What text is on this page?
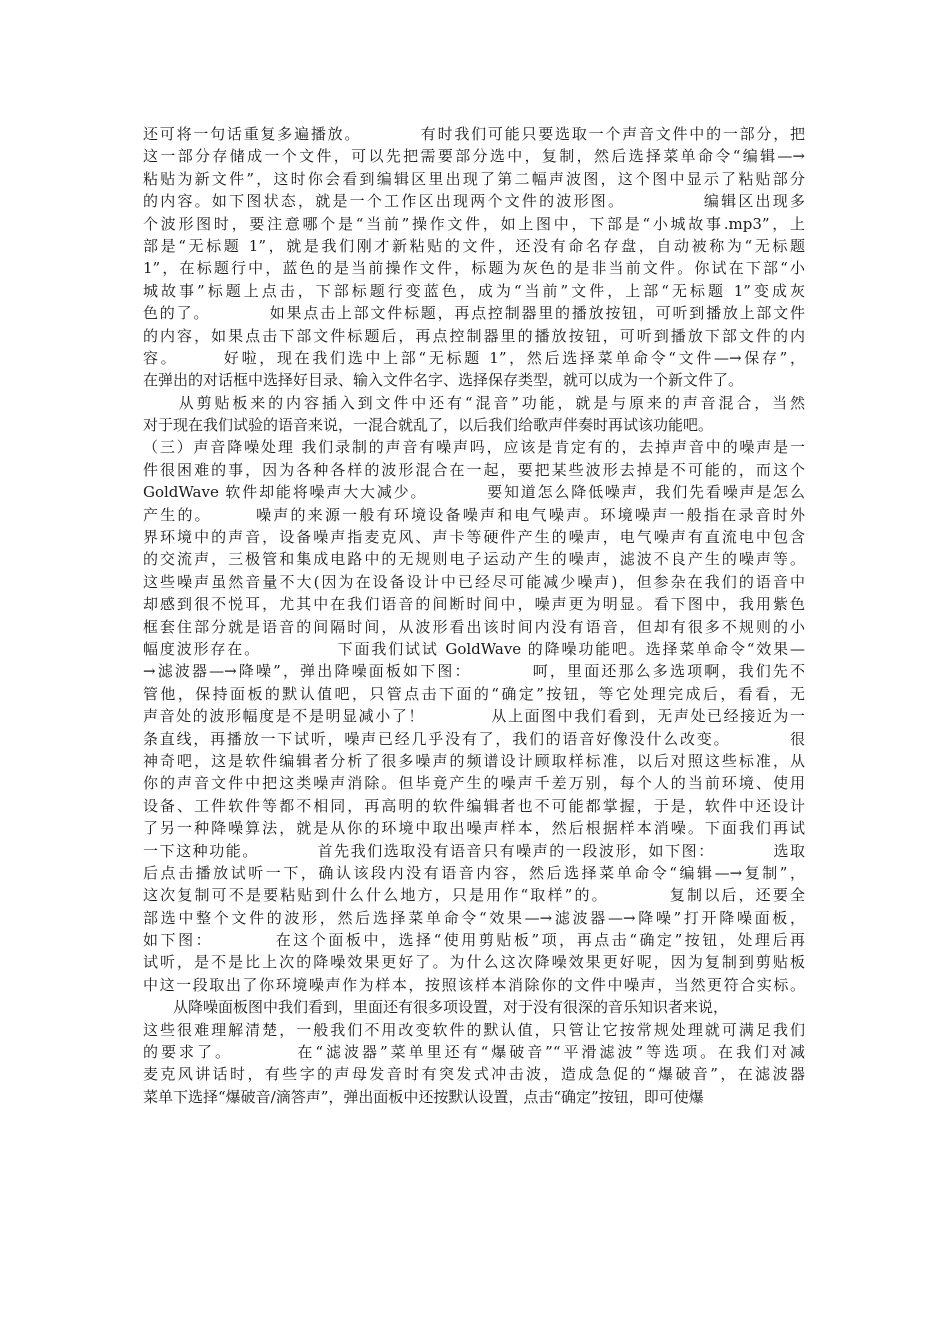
还可将一句话重复多遍播放。　　　　有时我们可能只要选取一个声音文件中的一部分，把
这一部分存储成一个文件，可以先把需要部分选中，复制，然后选择菜单命令“编辑—→
粘贴为新文件”，这时你会看到编辑区里出现了第二幅声波图，这个图中显示了粘贴部分
的内容。如下图状态，就是一个工作区出现两个文件的波形图。　　　　　编辑区出现多
个波形图时，要注意哪个是“当前”操作文件，如上图中，下部是“小城故事.mp3”，上
部是“无标题 1”，就是我们刚才新粘贴的文件，还没有命名存盘，自动被称为“无标题
1”，在标题行中，蓝色的是当前操作文件，标题为灰色的是非当前文件。你试在下部“小
城故事”标题上点击，下部标题行变蓝色，成为“当前”文件，上部“无标题 1”变成灰
色的了。　　　　如果点击上部文件标题，再点控制器里的播放按钮，可听到播放上部文件
的内容，如果点击下部文件标题后，再点控制器里的播放按钮，可听到播放下部文件的内
容。　　　好啦，现在我们选中上部“无标题 1”，然后选择菜单命令“文件—→保存”，
在弹出的对话框中选择好目录、输入文件名字、选择保存类型，就可以成为一个新文件了。
　　从剪贴板来的内容插入到文件中还有“混音”功能，就是与原来的声音混合，当然
对于现在我们试验的语音来说，一混合就乱了，以后我们给歌声伴奏时再试该功能吧。
（三）声音降噪处理 我们录制的声音有噪声吗，应该是肯定有的，去掉声音中的噪声是一
件很困难的事，因为各种各样的波形混合在一起，要把某些波形去掉是不可能的，而这个
GoldWave 软件却能将噪声大大减少。　　　　要知道怎么降低噪声，我们先看噪声是怎么
产生的。　　　噪声的来源一般有环境设备噪声和电气噪声。环境噪声一般指在录音时外
界环境中的声音，设备噪声指麦克风、声卡等硬件产生的噪声，电气噪声有直流电中包含
的交流声，三极管和集成电路中的无规则电子运动产生的噪声，滤波不良产生的噪声等。
这些噪声虽然音量不大(因为在设备设计中已经尽可能减少噪声)，但参杂在我们的语音中
却感到很不悦耳，尤其中在我们语音的间断时间中，噪声更为明显。看下图中，我用紫色
框套住部分就是语音的间隔时间，从波形看出该时间内没有语音，但却有很多不规则的小
幅度波形存在。　　　　　下面我们试试 GoldWave 的降噪功能吧。选择菜单命令“效果—
→滤波器—→降噪”，弹出降噪面板如下图：　　　　呵，里面还那么多选项啊，我们先不
管他，保持面板的默认值吧，只管点击下面的“确定”按钮，等它处理完成后，看看，无
声音处的波形幅度是不是明显减小了！　　　　从上面图中我们看到，无声处已经接近为一
条直线，再播放一下试听，噪声已经几乎没有了，我们的语音好像没什么改变。　　　　很
神奇吧，这是软件编辑者分析了很多噪声的频谱设计顾取样标准，以后对照这些标准，从
你的声音文件中把这类噪声消除。但毕竟产生的噪声千差万别，每个人的当前环境、使用
设备、工件软件等都不相同，再高明的软件编辑者也不可能都掌握，于是，软件中还设计
了另一种降噪算法，就是从你的环境中取出噪声样本，然后根据样本消噪。下面我们再试
一下这种功能。　　　　首先我们选取没有语音只有噪声的一段波形，如下图：　　　　选取
后点击播放试听一下，确认该段内没有语音内容，然后选择菜单命令“编辑—→复制”，
这次复制可不是要粘贴到什么什么地方，只是用作“取样”的。　　　　复制以后，还要全
部选中整个文件的波形，然后选择菜单命令“效果—→滤波器—→降噪”打开降噪面板，
如下图：　　　　在这个面板中，选择“使用剪贴板”项，再点击“确定”按钮，处理后再
试听，是不是比上次的降噪效果更好了。为什么这次降噪效果更好呢，因为复制到剪贴板
中这一段取出了你环境噪声作为样本，按照该样本消除你的文件中噪声，当然更符合实标。
　　从降噪面板图中我们看到，里面还有很多项设置，对于没有很深的音乐知识者来说，
这些很难理解清楚，一般我们不用改变软件的默认值，只管让它按常规处理就可满足我们
的要求了。　　　　在“滤波器”菜单里还有“爆破音”“平滑滤波”等选项。在我们对减
麦克风讲话时，有些字的声母发音时有突发式冲击波，造成急促的“爆破音”，在滤波器
菜单下选择“爆破音/滴答声”，弹出面板中还按默认设置，点击“确定”按钮，即可使爆
